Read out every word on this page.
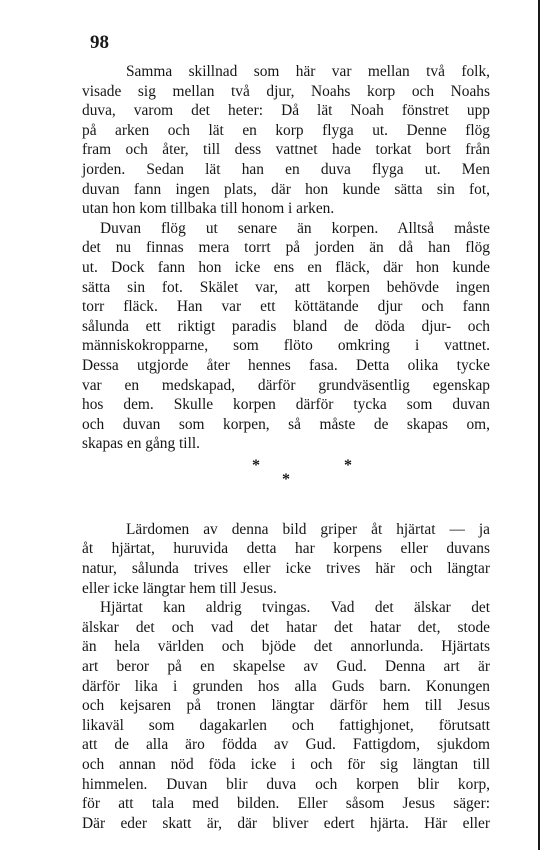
98

Samma skillnad som här var mellan två folk,

visade sig mellan två djur, Noahs korp och Noahs

duva, varom det heter: Då lät Noah fönstret upp

på arken och lät en korp flyga ut. Denne flög

fram och åter, till dess vattnet hade torkat bort från

jorden. Sedan lät han en duva flyga ut. Men

duvan fann ingen plats, där hon kunde sätta sin fot,

utan hon kom tillbaka till honom i arken.

Duvan flög ut senare än korpen. Alltså måste

det nu finnas mera torrt på jorden än då han flög

ut. Dock fann hon icke ens en fläck, där hon kunde

sätta sin fot. Skälet var, att korpen behövde ingen

torr fläck. Han var ett köttätande djur och fann

sålunda ett riktigt paradis bland de döda djur- och

människokropparne, som flöto omkring i vattnet.

Dessa utgjorde åter hennes fasa. Detta olika tycke

var en medskapad, därför grundväsentlig egenskap

hos dem. Skulle korpen därför tycka som duvan

och duvan som korpen, så måste de skapas om,

skapas en gång till.

*
*
*

Lärdomen av denna bild griper åt hjärtat — ja

åt hjärtat, huruvida detta har korpens eller duvans

natur, sålunda trives eller icke trives här och längtar

eller icke längtar hem till Jesus.

Hjärtat kan aldrig tvingas. Vad det älskar det

älskar det och vad det hatar det hatar det, stode

än hela världen och bjöde det annorlunda. Hjärtats

art beror på en skapelse av Gud. Denna art är

därför lika i grunden hos alla Guds barn. Konungen

och kejsaren på tronen längtar därför hem till Jesus

likaväl som dagakarlen och fattighjonet, förutsatt

att de alla äro födda av Gud. Fattigdom, sjukdom

och annan nöd föda icke i och för sig längtan till

himmelen. Duvan blir duva och korpen blir korp,

för att tala med bilden. Eller såsom Jesus säger:

Där eder skatt är, där bliver edert hjärta. Här eller
